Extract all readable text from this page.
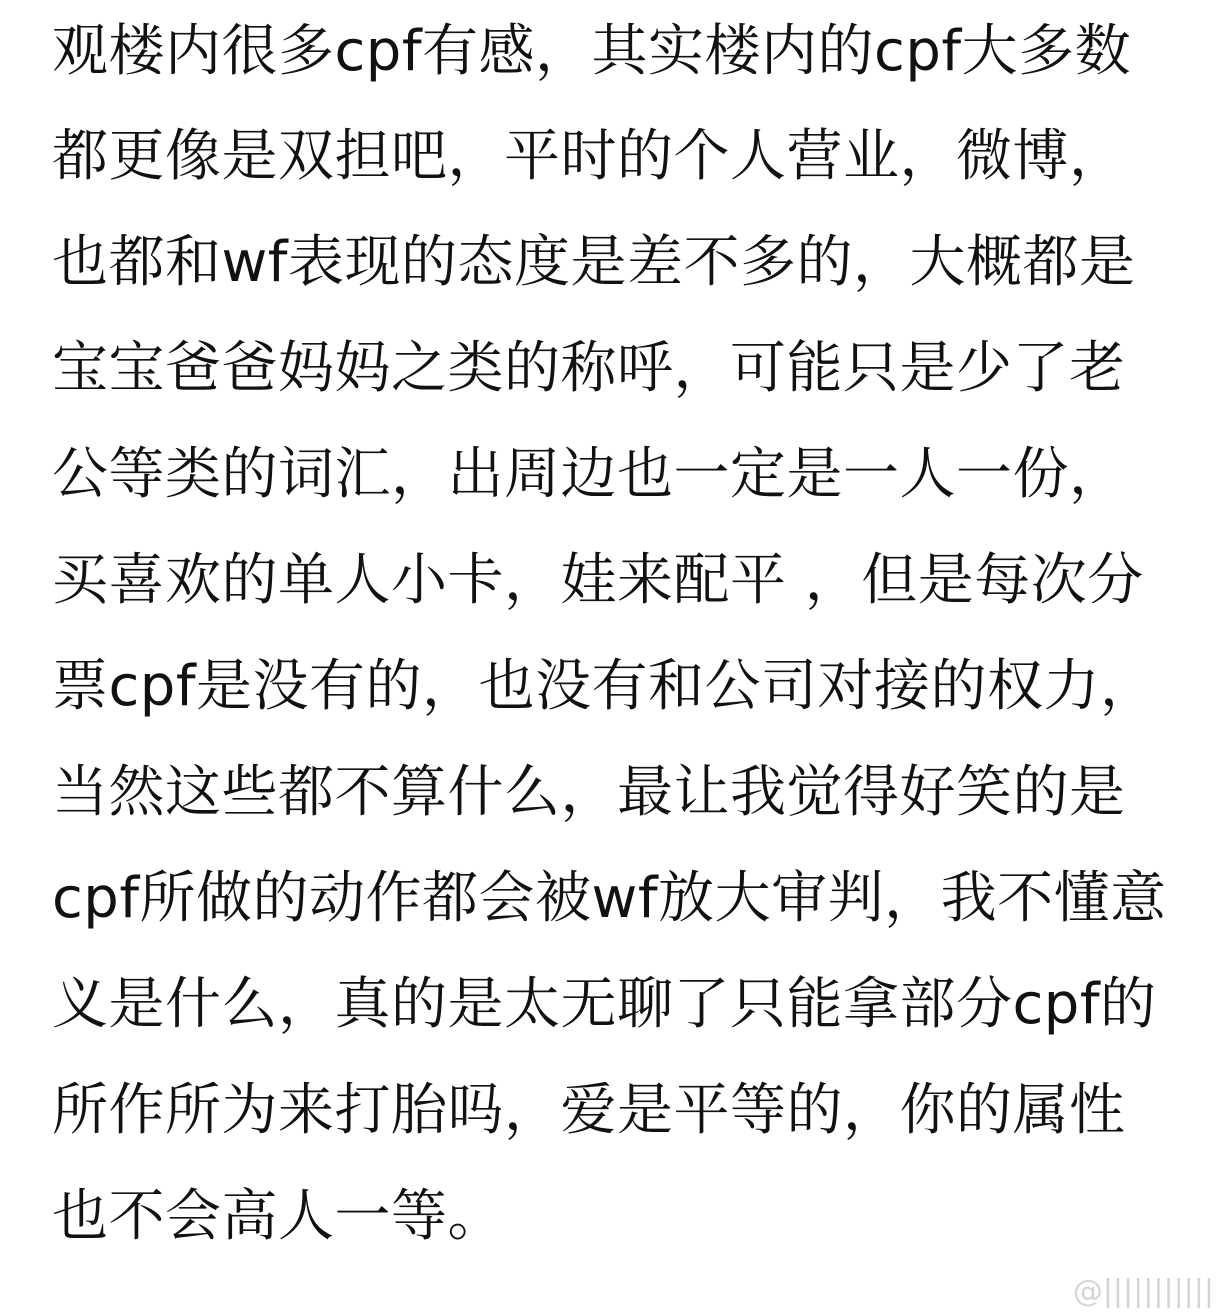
观楼内很多cpf有感，其实楼内的cpf大多数
都更像是双担吧，平时的个人营业，微博，
也都和wf表现的态度是差不多的，大概都是
宝宝爸爸妈妈之类的称呼，可能只是少了老
公等类的词汇，出周边也一定是一人一份，
买喜欢的单人小卡，娃来配平 ，但是每次分
票cpf是没有的，也没有和公司对接的权力，
当然这些都不算什么，最让我觉得好笑的是
cpf所做的动作都会被wf放大审判，我不懂意
义是什么，真的是太无聊了只能拿部分cpf的
所作所为来打胎吗，爱是平等的，你的属性
也不会高人一等。
@|||||||||||
